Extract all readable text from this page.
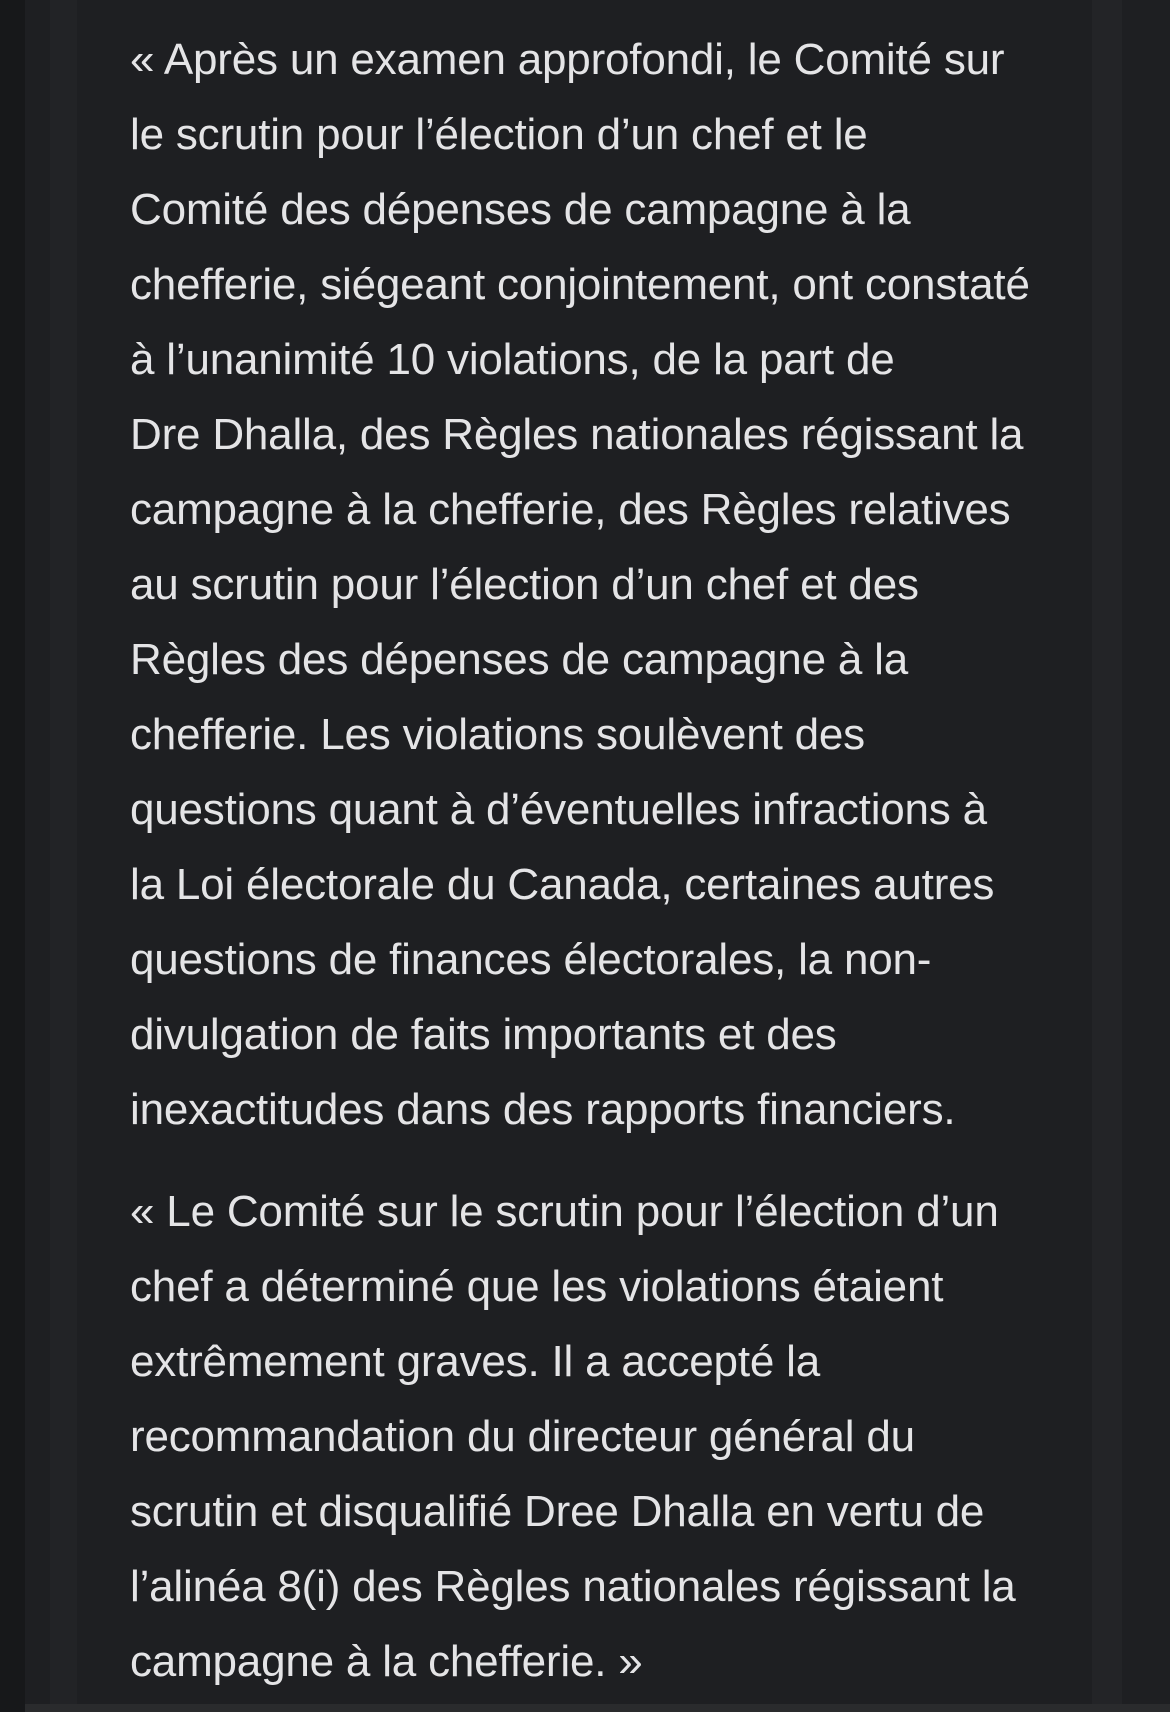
« Après un examen approfondi, le Comité sur
le scrutin pour l’élection d’un chef et le
Comité des dépenses de campagne à la
chefferie, siégeant conjointement, ont constaté
à l’unanimité 10 violations, de la part de
Dre Dhalla, des Règles nationales régissant la
campagne à la chefferie, des Règles relatives
au scrutin pour l’élection d’un chef et des
Règles des dépenses de campagne à la
chefferie. Les violations soulèvent des
questions quant à d’éventuelles infractions à
la Loi électorale du Canada, certaines autres
questions de finances électorales, la non-
divulgation de faits importants et des
inexactitudes dans des rapports financiers.
« Le Comité sur le scrutin pour l’élection d’un
chef a déterminé que les violations étaient
extrêmement graves. Il a accepté la
recommandation du directeur général du
scrutin et disqualifié Dree Dhalla en vertu de
l’alinéa 8(i) des Règles nationales régissant la
campagne à la chefferie. »
